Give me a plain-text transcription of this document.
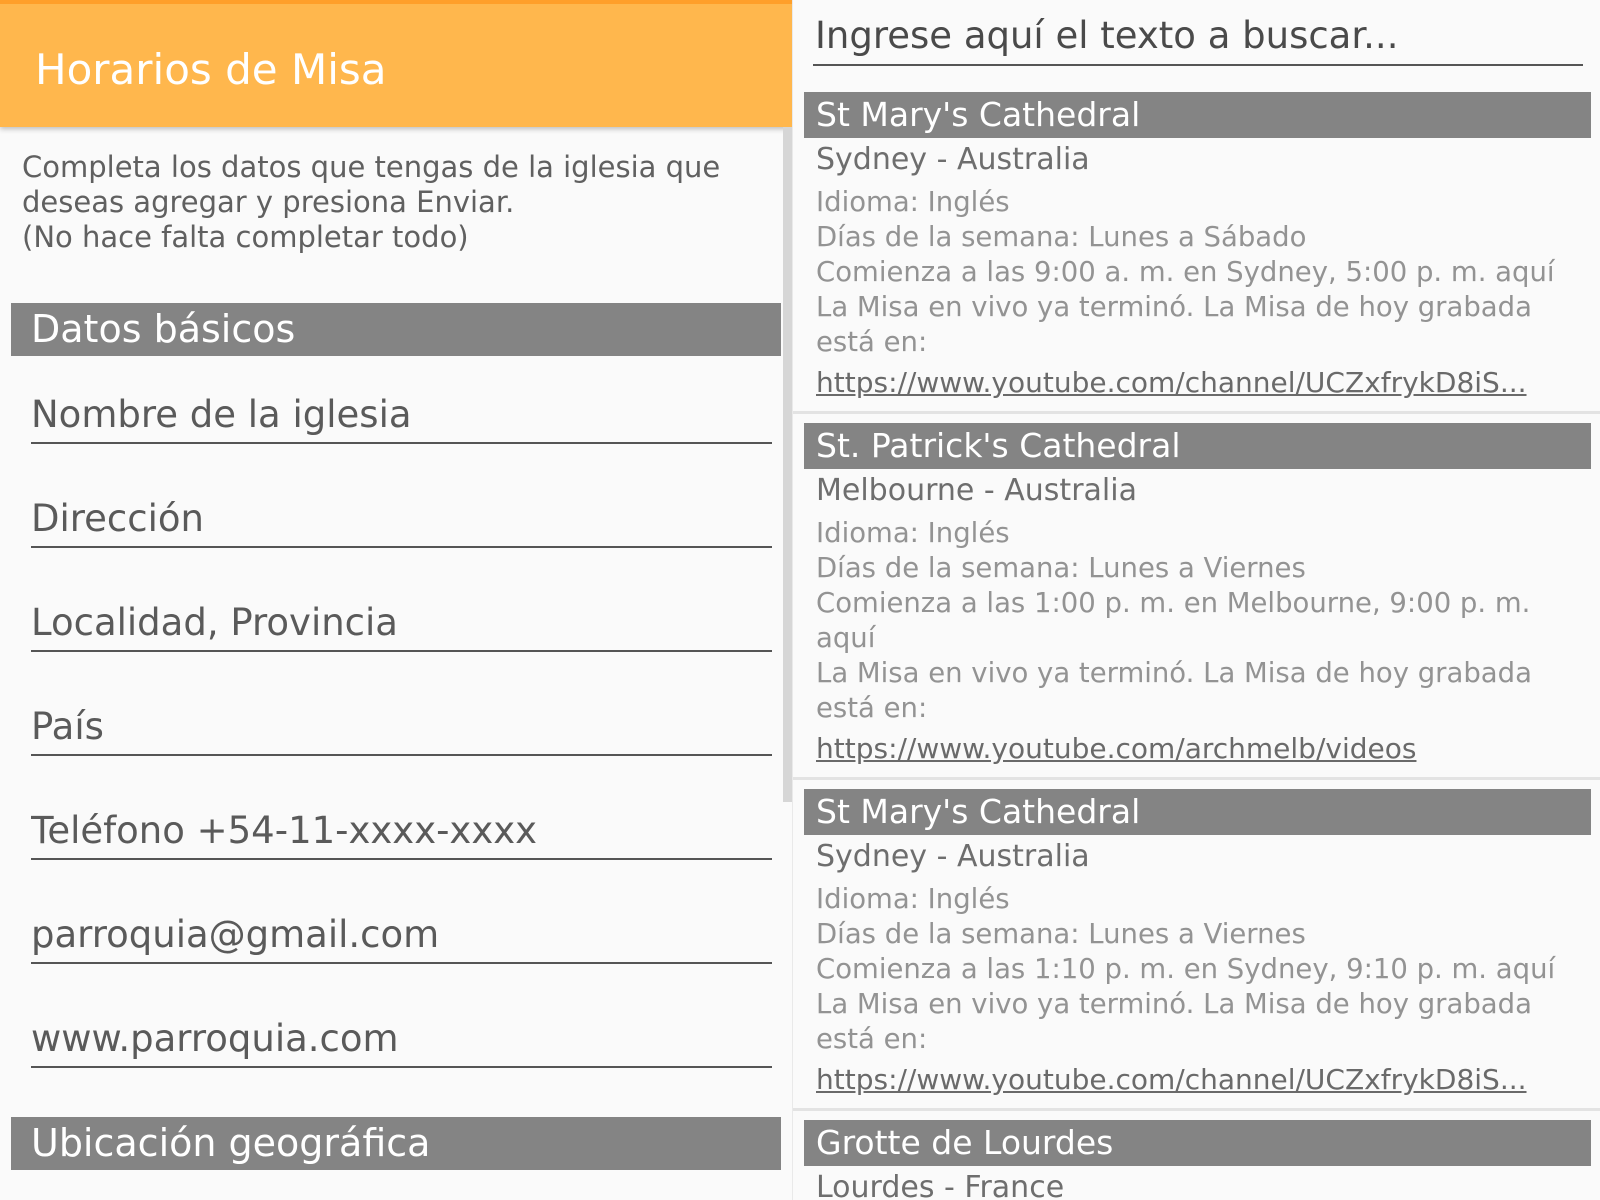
Horarios de Misa
Completa los datos que tengas de la iglesia que
deseas agregar y presiona Enviar.
(No hace falta completar todo)
Datos básicos
Nombre de la iglesia
Dirección
Localidad, Provincia
País
Teléfono +54-11-xxxx-xxxx
parroquia@gmail.com
www.parroquia.com
Ubicación geográfica
Ingrese aquí el texto a buscar...
St Mary's Cathedral
Sydney - Australia
Idioma: Inglés
Días de la semana: Lunes a Sábado
Comienza a las 9:00 a. m. en Sydney, 5:00 p. m. aquí
La Misa en vivo ya terminó. La Misa de hoy grabada está en:
https://www.youtube.com/channel/UCZxfrykD8iS...
St. Patrick's Cathedral
Melbourne - Australia
Idioma: Inglés
Días de la semana: Lunes a Viernes
Comienza a las 1:00 p. m. en Melbourne, 9:00 p. m. aquí
La Misa en vivo ya terminó. La Misa de hoy grabada está en:
https://www.youtube.com/archmelb/videos
St Mary's Cathedral
Sydney - Australia
Idioma: Inglés
Días de la semana: Lunes a Viernes
Comienza a las 1:10 p. m. en Sydney, 9:10 p. m. aquí
La Misa en vivo ya terminó. La Misa de hoy grabada está en:
https://www.youtube.com/channel/UCZxfrykD8iS...
Grotte de Lourdes
Lourdes - France
